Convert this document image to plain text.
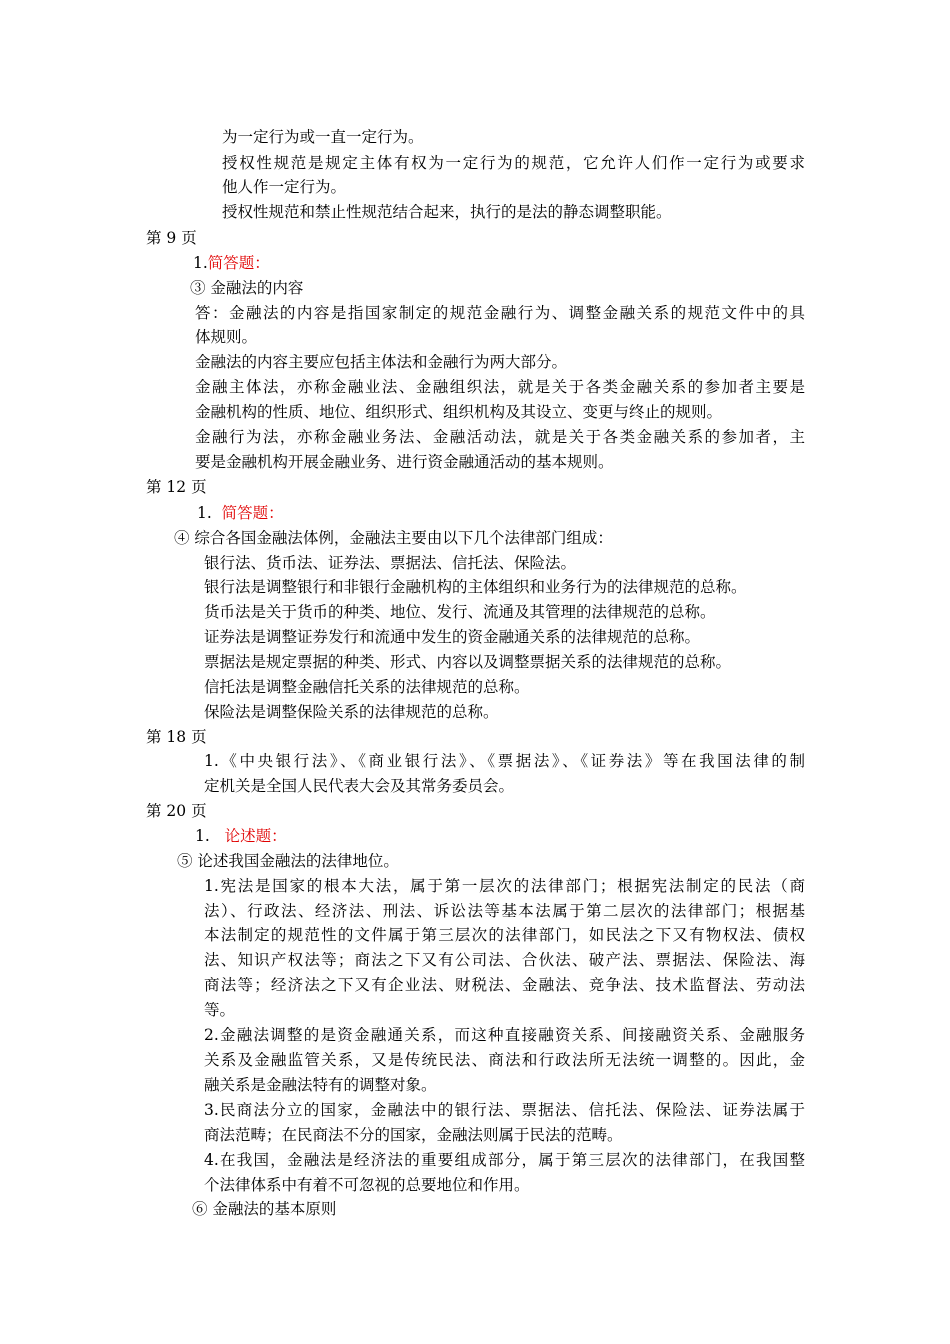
为一定行为或一直一定行为。
授权性规范是规定主体有权为一定行为的规范，它允许人们作一定行为或要求
他人作一定行为。
授权性规范和禁止性规范结合起来，执行的是法的静态调整职能。
第 9 页
1.简答题：
③ 金融法的内容
答：金融法的内容是指国家制定的规范金融行为、调整金融关系的规范文件中的具
体规则。
金融法的内容主要应包括主体法和金融行为两大部分。
金融主体法，亦称金融业法、金融组织法，就是关于各类金融关系的参加者主要是
金融机构的性质、地位、组织形式、组织机构及其设立、变更与终止的规则。
金融行为法，亦称金融业务法、金融活动法，就是关于各类金融关系的参加者，主
要是金融机构开展金融业务、进行资金融通活动的基本规则。
第 12 页
1. 简答题：
④ 综合各国金融法体例，金融法主要由以下几个法律部门组成：
银行法、货币法、证券法、票据法、信托法、保险法。
银行法是调整银行和非银行金融机构的主体组织和业务行为的法律规范的总称。
货币法是关于货币的种类、地位、发行、流通及其管理的法律规范的总称。
证券法是调整证券发行和流通中发生的资金融通关系的法律规范的总称。
票据法是规定票据的种类、形式、内容以及调整票据关系的法律规范的总称。
信托法是调整金融信托关系的法律规范的总称。
保险法是调整保险关系的法律规范的总称。
第 18 页
1.《中央银行法》、《商业银行法》、《票据法》、《证券法》等在我国法律的制
定机关是全国人民代表大会及其常务委员会。
第 20 页
1. 论述题：
⑤ 论述我国金融法的法律地位。
1.宪法是国家的根本大法，属于第一层次的法律部门；根据宪法制定的民法（商
法）、行政法、经济法、刑法、诉讼法等基本法属于第二层次的法律部门；根据基
本法制定的规范性的文件属于第三层次的法律部门，如民法之下又有物权法、债权
法、知识产权法等；商法之下又有公司法、合伙法、破产法、票据法、保险法、海
商法等；经济法之下又有企业法、财税法、金融法、竞争法、技术监督法、劳动法
等。
2.金融法调整的是资金融通关系，而这种直接融资关系、间接融资关系、金融服务
关系及金融监管关系，又是传统民法、商法和行政法所无法统一调整的。因此，金
融关系是金融法特有的调整对象。
3.民商法分立的国家，金融法中的银行法、票据法、信托法、保险法、证券法属于
商法范畴；在民商法不分的国家，金融法则属于民法的范畴。
4.在我国，金融法是经济法的重要组成部分，属于第三层次的法律部门，在我国整
个法律体系中有着不可忽视的总要地位和作用。
⑥ 金融法的基本原则
